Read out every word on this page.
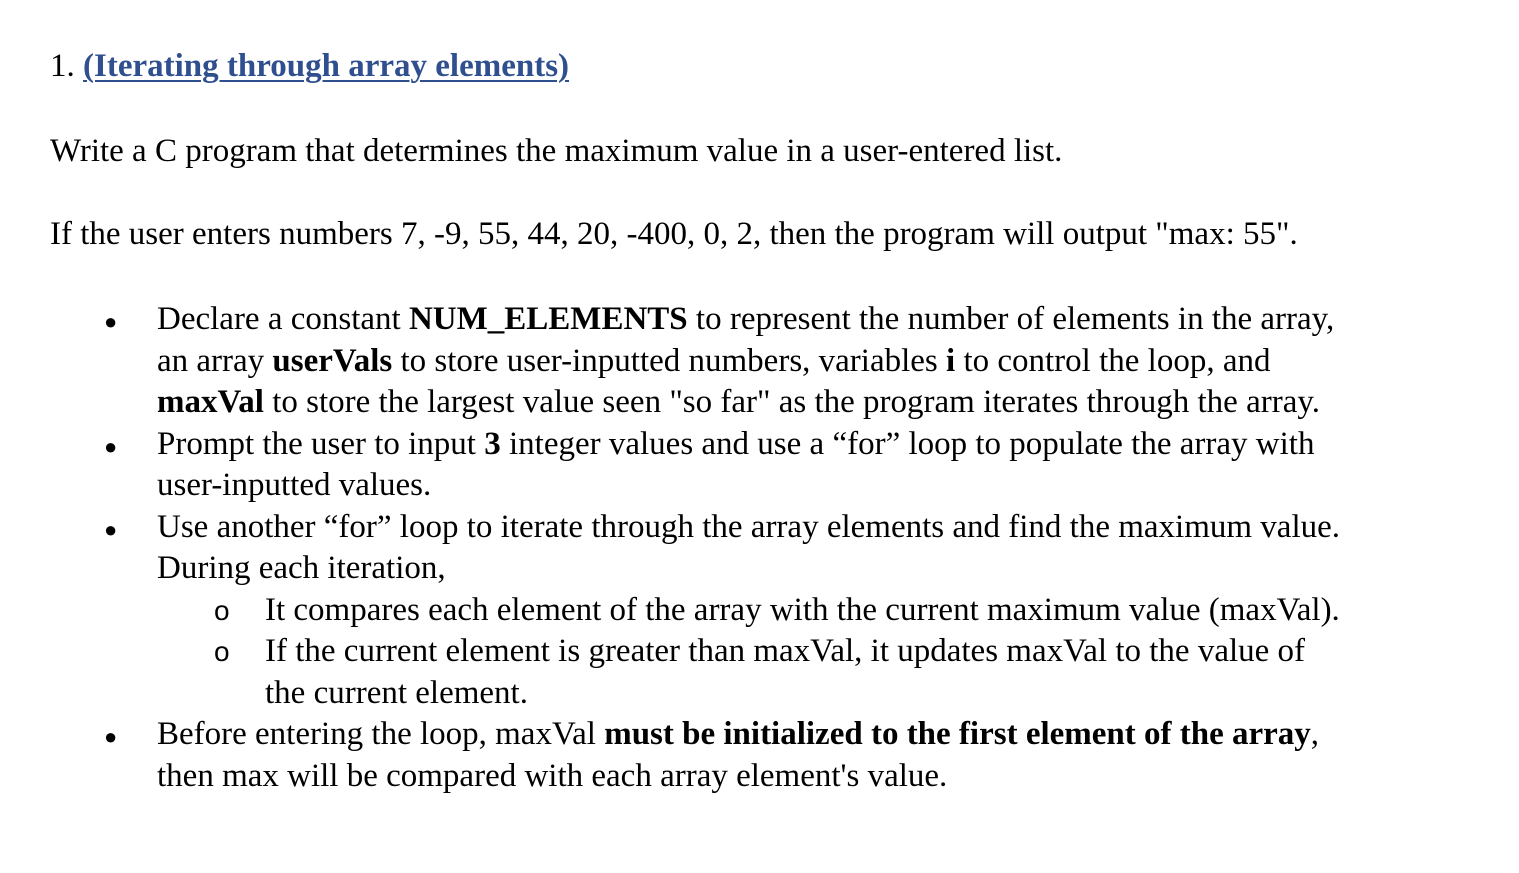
1. (Iterating through array elements)
Write a C program that determines the maximum value in a user-entered list.
If the user enters numbers 7, -9, 55, 44, 20, -400, 0, 2, then the program will output "max: 55".
● Declare a constant NUM_ELEMENTS to represent the number of elements in the array,
an array userVals to store user-inputted numbers, variables i to control the loop, and
maxVal to store the largest value seen "so far" as the program iterates through the array.
● Prompt the user to input 3 integer values and use a “for” loop to populate the array with
user-inputted values.
● Use another “for” loop to iterate through the array elements and find the maximum value.
During each iteration,
o It compares each element of the array with the current maximum value (maxVal).
o If the current element is greater than maxVal, it updates maxVal to the value of
the current element.
● Before entering the loop, maxVal must be initialized to the first element of the array,
then max will be compared with each array element's value.
